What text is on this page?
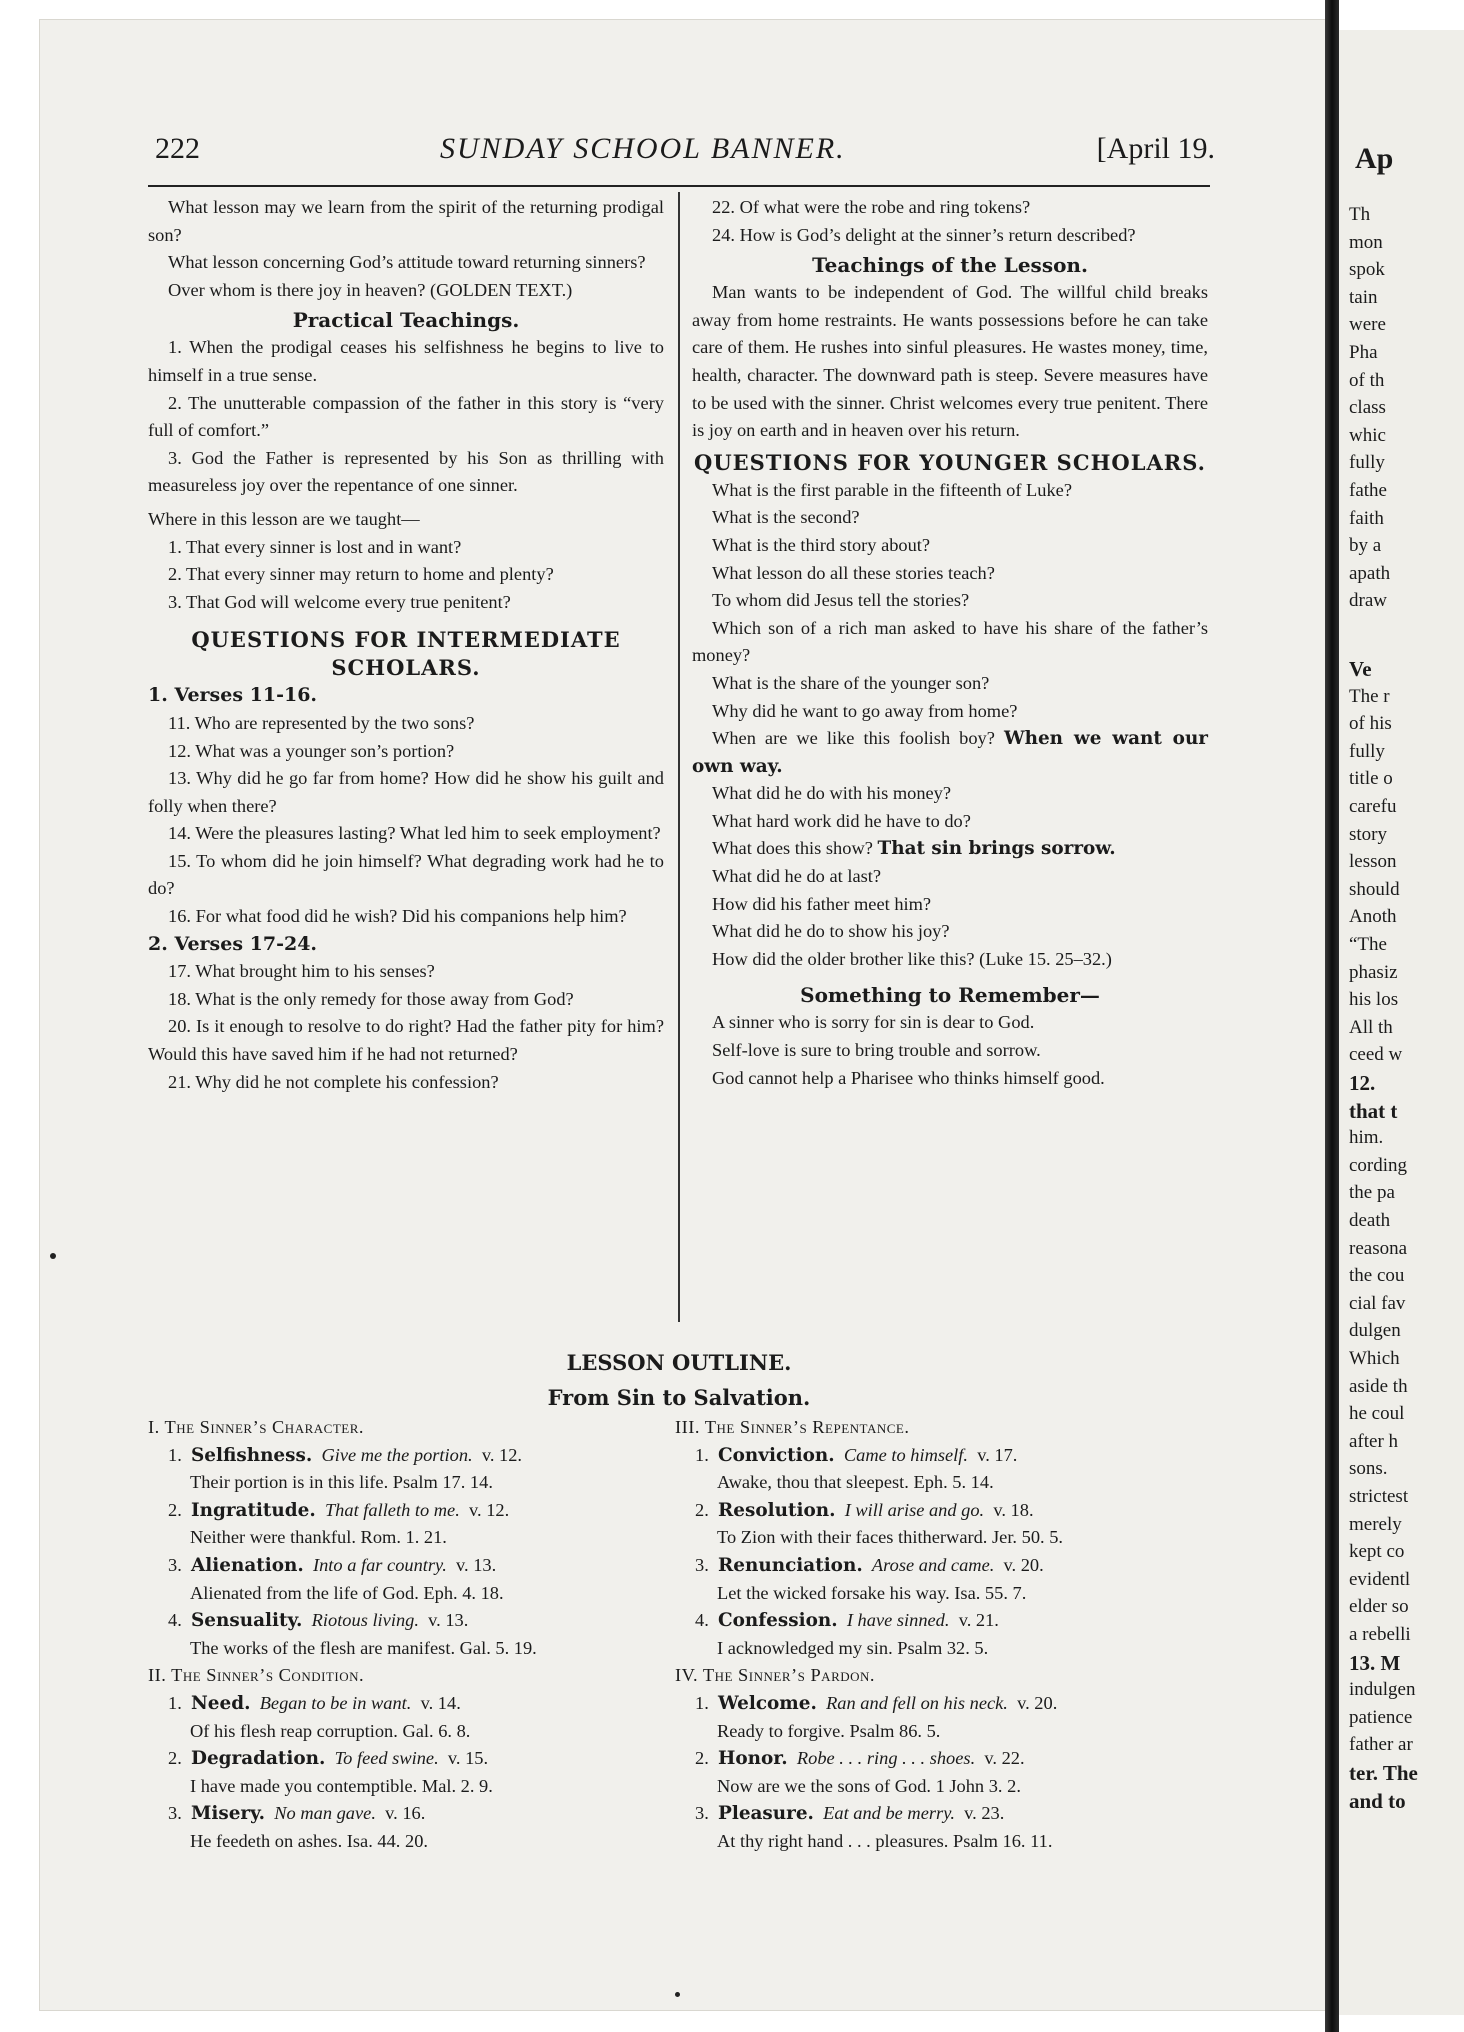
222	SUNDAY SCHOOL BANNER.	[April 19.

What lesson may we learn from the spirit of the returning prodigal son?

What lesson concerning God’s attitude toward returning sinners?

Over whom is there joy in heaven? (GOLDEN TEXT.)

Practical Teachings.

1. When the prodigal ceases his selfishness he begins to live to himself in a true sense.

2. The unutterable compassion of the father in this story is “very full of comfort.”

3. God the Father is represented by his Son as thrilling with measureless joy over the repentance of one sinner.

Where in this lesson are we taught—

1. That every sinner is lost and in want?

2. That every sinner may return to home and plenty?

3. That God will welcome every true penitent?

QUESTIONS FOR INTERMEDIATE SCHOLARS.

1. Verses 11-16.

11. Who are represented by the two sons?

12. What was a younger son’s portion?

13. Why did he go far from home? How did he show his guilt and folly when there?

14. Were the pleasures lasting? What led him to seek employment?

15. To whom did he join himself? What degrading work had he to do?

16. For what food did he wish? Did his companions help him?

2. Verses 17-24.

17. What brought him to his senses?

18. What is the only remedy for those away from God?

20. Is it enough to resolve to do right? Had the father pity for him? Would this have saved him if he had not returned?

21. Why did he not complete his confession?

22. Of what were the robe and ring tokens?

24. How is God’s delight at the sinner’s return described?

Teachings of the Lesson.

Man wants to be independent of God. The willful child breaks away from home restraints. He wants possessions before he can take care of them. He rushes into sinful pleasures. He wastes money, time, health, character. The downward path is steep. Severe measures have to be used with the sinner. Christ welcomes every true penitent. There is joy on earth and in heaven over his return.

QUESTIONS FOR YOUNGER SCHOLARS.

What is the first parable in the fifteenth of Luke?

What is the second?

What is the third story about?

What lesson do all these stories teach?

To whom did Jesus tell the stories?

Which son of a rich man asked to have his share of the father’s money?

What is the share of the younger son?

Why did he want to go away from home?

When are we like this foolish boy? When we want our own way.

What did he do with his money?

What hard work did he have to do?

What does this show? That sin brings sorrow.

What did he do at last?

How did his father meet him?

What did he do to show his joy?

How did the older brother like this? (Luke 15. 25–32.)

Something to Remember—

A sinner who is sorry for sin is dear to God.

Self-love is sure to bring trouble and sorrow.

God cannot help a Pharisee who thinks himself good.

LESSON OUTLINE.
From Sin to Salvation.
I. The Sinner’s Character.
1. Selfishness. Give me the portion. v. 12.
Their portion is in this life. Psalm 17. 14.
2. Ingratitude. That falleth to me. v. 12.
Neither were thankful. Rom. 1. 21.
3. Alienation. Into a far country. v. 13.
Alienated from the life of God. Eph. 4. 18.
4. Sensuality. Riotous living. v. 13.
The works of the flesh are manifest. Gal. 5. 19.
II. The Sinner’s Condition.
1. Need. Began to be in want. v. 14.
Of his flesh reap corruption. Gal. 6. 8.
2. Degradation. To feed swine. v. 15.
I have made you contemptible. Mal. 2. 9.
3. Misery. No man gave. v. 16.
He feedeth on ashes. Isa. 44. 20.
III. The Sinner’s Repentance.
1. Conviction. Came to himself. v. 17.
Awake, thou that sleepest. Eph. 5. 14.
2. Resolution. I will arise and go. v. 18.
To Zion with their faces thitherward. Jer. 50. 5.
3. Renunciation. Arose and came. v. 20.
Let the wicked forsake his way. Isa. 55. 7.
4. Confession. I have sinned. v. 21.
I acknowledged my sin. Psalm 32. 5.
IV. The Sinner’s Pardon.
1. Welcome. Ran and fell on his neck. v. 20.
Ready to forgive. Psalm 86. 5.
2. Honor. Robe . . . ring . . . shoes. v. 22.
Now are we the sons of God. 1 John 3. 2.
3. Pleasure. Eat and be merry. v. 23.
At thy right hand . . . pleasures. Psalm 16. 11.
Ap
Th
mon
spok
tain
were
Pha
of th
class
whic
fully
fathe
faith
by a
apath
draw
Ve
The r
of his
fully
title o
carefu
story
lesson
should
Anoth
“The
phasiz
his los
All th
ceed w
12.
that t
him.
cording
the pa
death
reasona
the cou
cial fav
dulgen
Which
aside th
he coul
after h
sons.
strictest
merely
kept co
evidentl
elder so
a rebelli
13. M
indulgen
patience
father ar
ter. The
and to
